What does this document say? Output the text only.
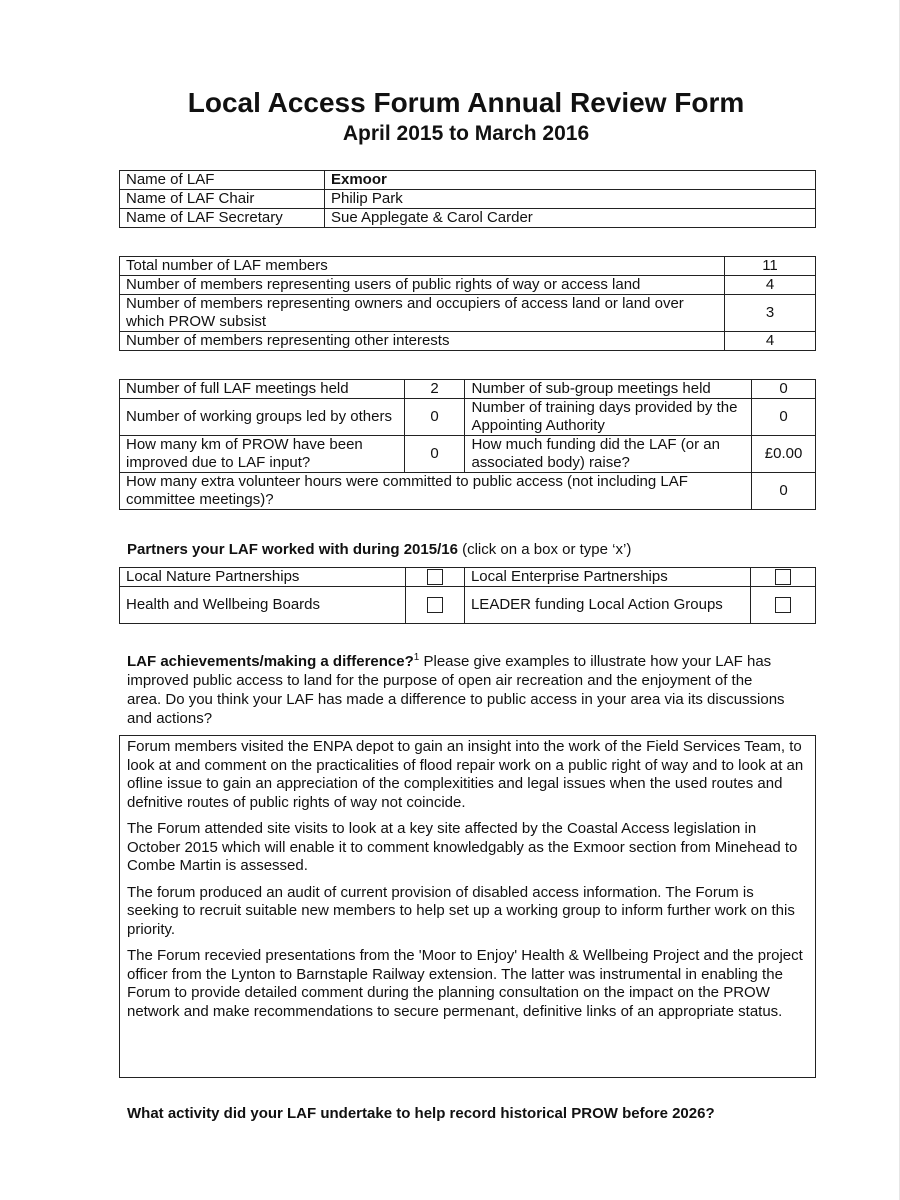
Local Access Forum Annual Review Form
April 2015 to March 2016
Name of LAF	Exmoor
Name of LAF Chair	Philip Park
Name of LAF Secretary	Sue Applegate & Carol Carder
Total number of LAF members	11
Number of members representing users of public rights of way or access land	4
Number of members representing owners and occupiers of access land or land over which PROW subsist	3
Number of members representing other interests	4
Number of full LAF meetings held	2	Number of sub-group meetings held	0
Number of working groups led by others	0	Number of training days provided by the Appointing Authority	0
How many km of PROW have been improved due to LAF input?	0	How much funding did the LAF (or an associated body) raise?	£0.00
How many extra volunteer hours were committed to public access (not including LAF committee meetings)?			0
Partners your LAF worked with during 2015/16 (click on a box or type ‘x’)
Local Nature Partnerships		Local Enterprise Partnerships	
Health and Wellbeing Boards		LEADER funding Local Action Groups	
LAF achievements/making a difference?$^1$ Please give examples to illustrate how your LAF has improved public access to land for the purpose of open air recreation and the enjoyment of the area. Do you think your LAF has made a difference to public access in your area via its discussions and actions?

Forum members visited the ENPA depot to gain an insight into the work of the Field Services Team, to look at and comment on the practicalities of flood repair work on a public right of way and to look at an ofline issue to gain an appreciation of the complexitities and legal issues when the used routes and defnitive routes of public rights of way not coincide.

The Forum attended site visits to look at a key site affected by the Coastal Access legislation in October 2015 which will enable it to comment knowledgably as the Exmoor section from Minehead to Combe Martin is assessed.

The forum produced an audit of current provision of disabled access information. The Forum is seeking to recruit suitable new members to help set up a working group to inform further work on this priority.

The Forum recevied presentations from the 'Moor to Enjoy' Health & Wellbeing Project and the project officer from the Lynton to Barnstaple Railway extension. The latter was instrumental in enabling the Forum to provide detailed comment during the planning consultation on the impact on the PROW network and make recommendations to secure permenant, definitive links of an appropriate status.

What activity did your LAF undertake to help record historical PROW before 2026?
